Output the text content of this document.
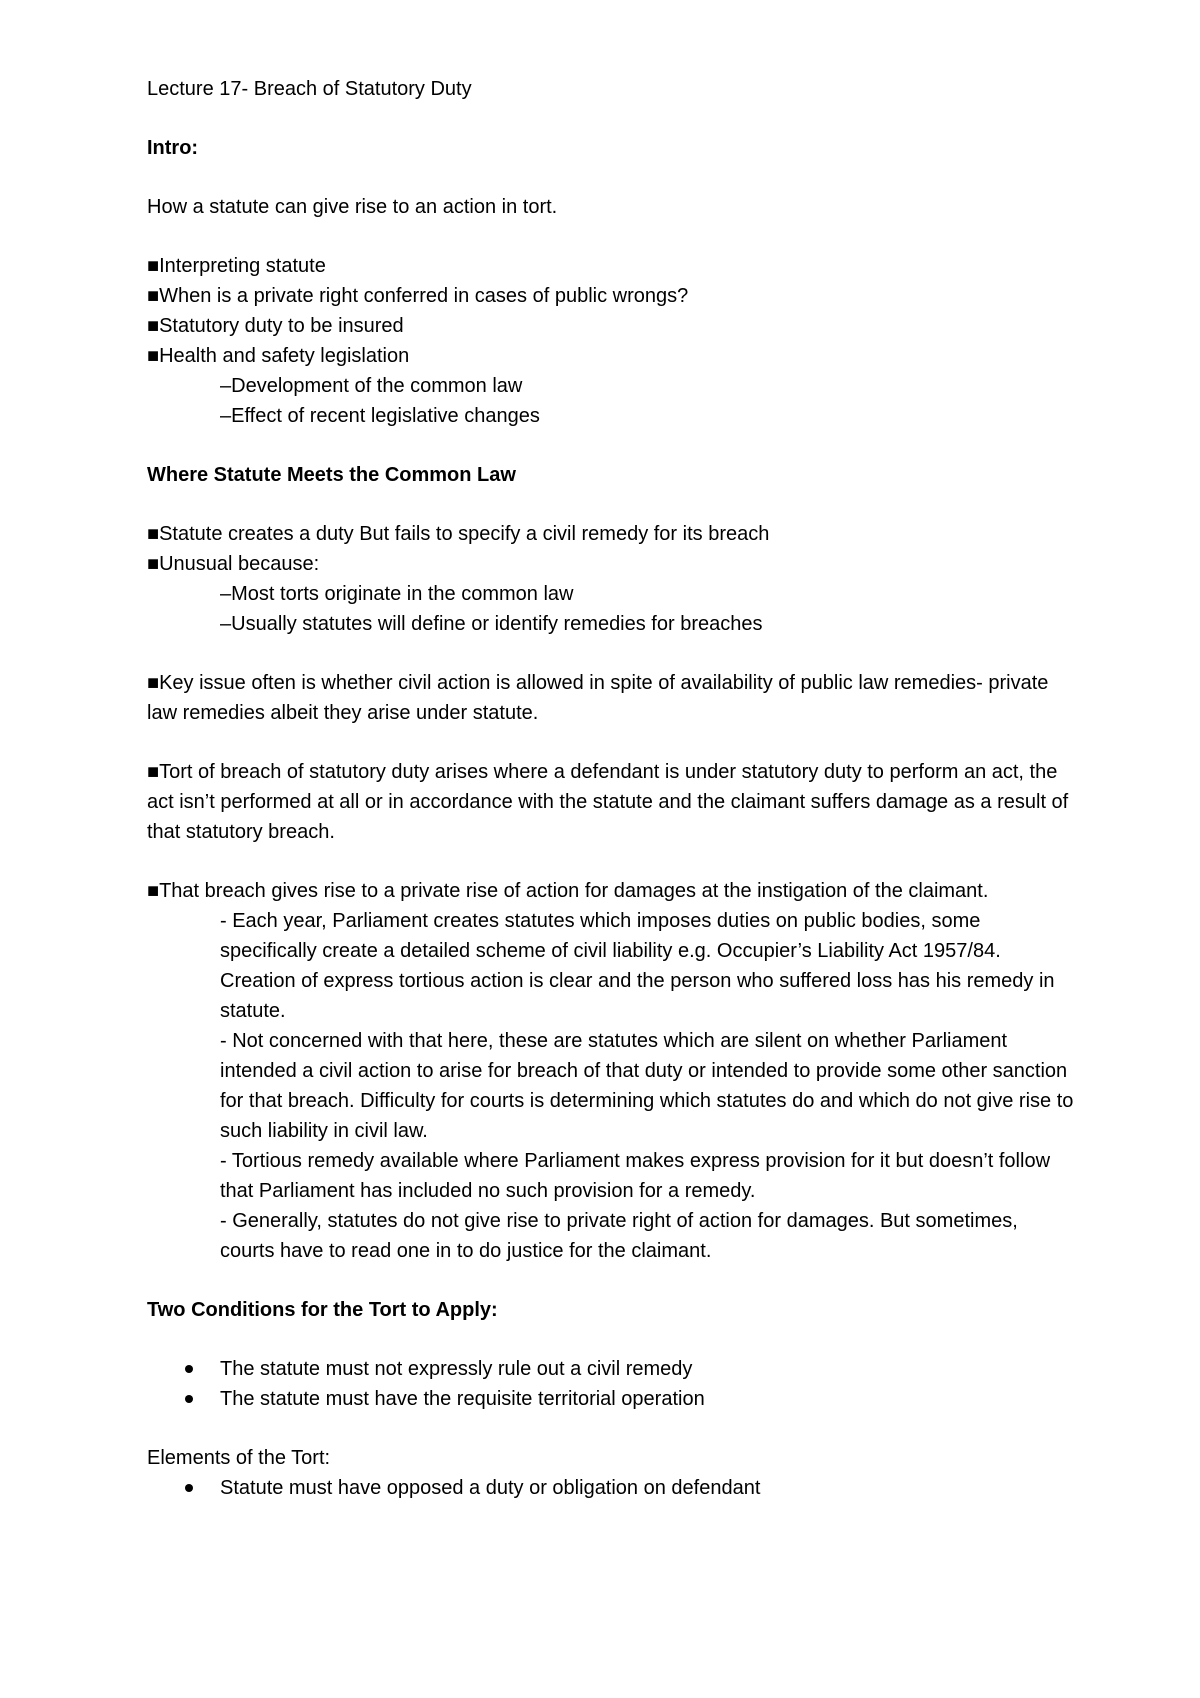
Lecture 17- Breach of Statutory Duty

Intro:

How a statute can give rise to an action in tort.

■Interpreting statute

■When is a private right conferred in cases of public wrongs?

■Statutory duty to be insured

■Health and safety legislation

–Development of the common law

–Effect of recent legislative changes

Where Statute Meets the Common Law

■Statute creates a duty But fails to specify a civil remedy for its breach

■Unusual because:

–Most torts originate in the common law

–Usually statutes will define or identify remedies for breaches

■Key issue often is whether civil action is allowed in spite of availability of public law remedies- private law remedies albeit they arise under statute.

■Tort of breach of statutory duty arises where a defendant is under statutory duty to perform an act, the act isn’t performed at all or in accordance with the statute and the claimant suffers damage as a result of that statutory breach.

■That breach gives rise to a private rise of action for damages at the instigation of the claimant.

- Each year, Parliament creates statutes which imposes duties on public bodies, some specifically create a detailed scheme of civil liability e.g. Occupier’s Liability Act 1957/84. Creation of express tortious action is clear and the person who suffered loss has his remedy in statute.

- Not concerned with that here, these are statutes which are silent on whether Parliament intended a civil action to arise for breach of that duty or intended to provide some other sanction for that breach. Difficulty for courts is determining which statutes do and which do not give rise to such liability in civil law.

- Tortious remedy available where Parliament makes express provision for it but doesn’t follow that Parliament has included no such provision for a remedy.

- Generally, statutes do not give rise to private right of action for damages. But sometimes, courts have to read one in to do justice for the claimant.

Two Conditions for the Tort to Apply:

The statute must not expressly rule out a civil remedy
The statute must have the requisite territorial operation

Elements of the Tort:

Statute must have opposed a duty or obligation on defendant
